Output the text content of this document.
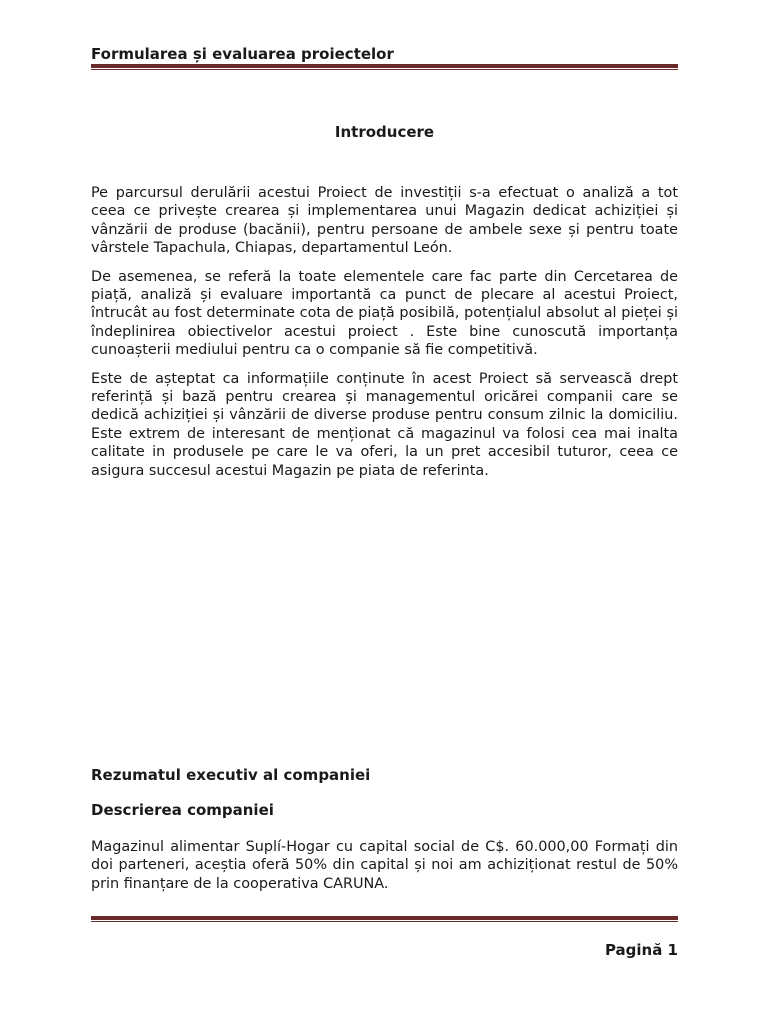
Formularea și evaluarea proiectelor
Introducere

Pe parcursul derulării acestui Proiect de investiții s-a efectuat o analiză a tot ceea ce privește crearea și implementarea unui Magazin dedicat achiziției și vânzării de produse (bacănii), pentru persoane de ambele sexe și pentru toate vârstele Tapachula, Chiapas, departamentul León.

De asemenea, se referă la toate elementele care fac parte din Cercetarea de piață, analiză și evaluare importantă ca punct de plecare al acestui Proiect, întrucât au fost determinate cota de piață posibilă, potențialul absolut al pieței și îndeplinirea obiectivelor acestui proiect . Este bine cunoscută importanța cunoașterii mediului pentru ca o companie să fie competitivă.

Este de așteptat ca informațiile conținute în acest Proiect să servească drept referință și bază pentru crearea și managementul oricărei companii care se dedică achiziției și vânzării de diverse produse pentru consum zilnic la domiciliu. Este extrem de interesant de menționat că magazinul va folosi cea mai inalta calitate in produsele pe care le va oferi, la un pret accesibil tuturor, ceea ce asigura succesul acestui Magazin pe piata de referinta.

Rezumatul executiv al companiei
Descrierea companiei

Magazinul alimentar Suplí-Hogar cu capital social de C$. 60.000,00 Formați din doi parteneri, aceștia oferă 50% din capital și noi am achiziționat restul de 50% prin finanțare de la cooperativa CARUNA.

Pagină 1
